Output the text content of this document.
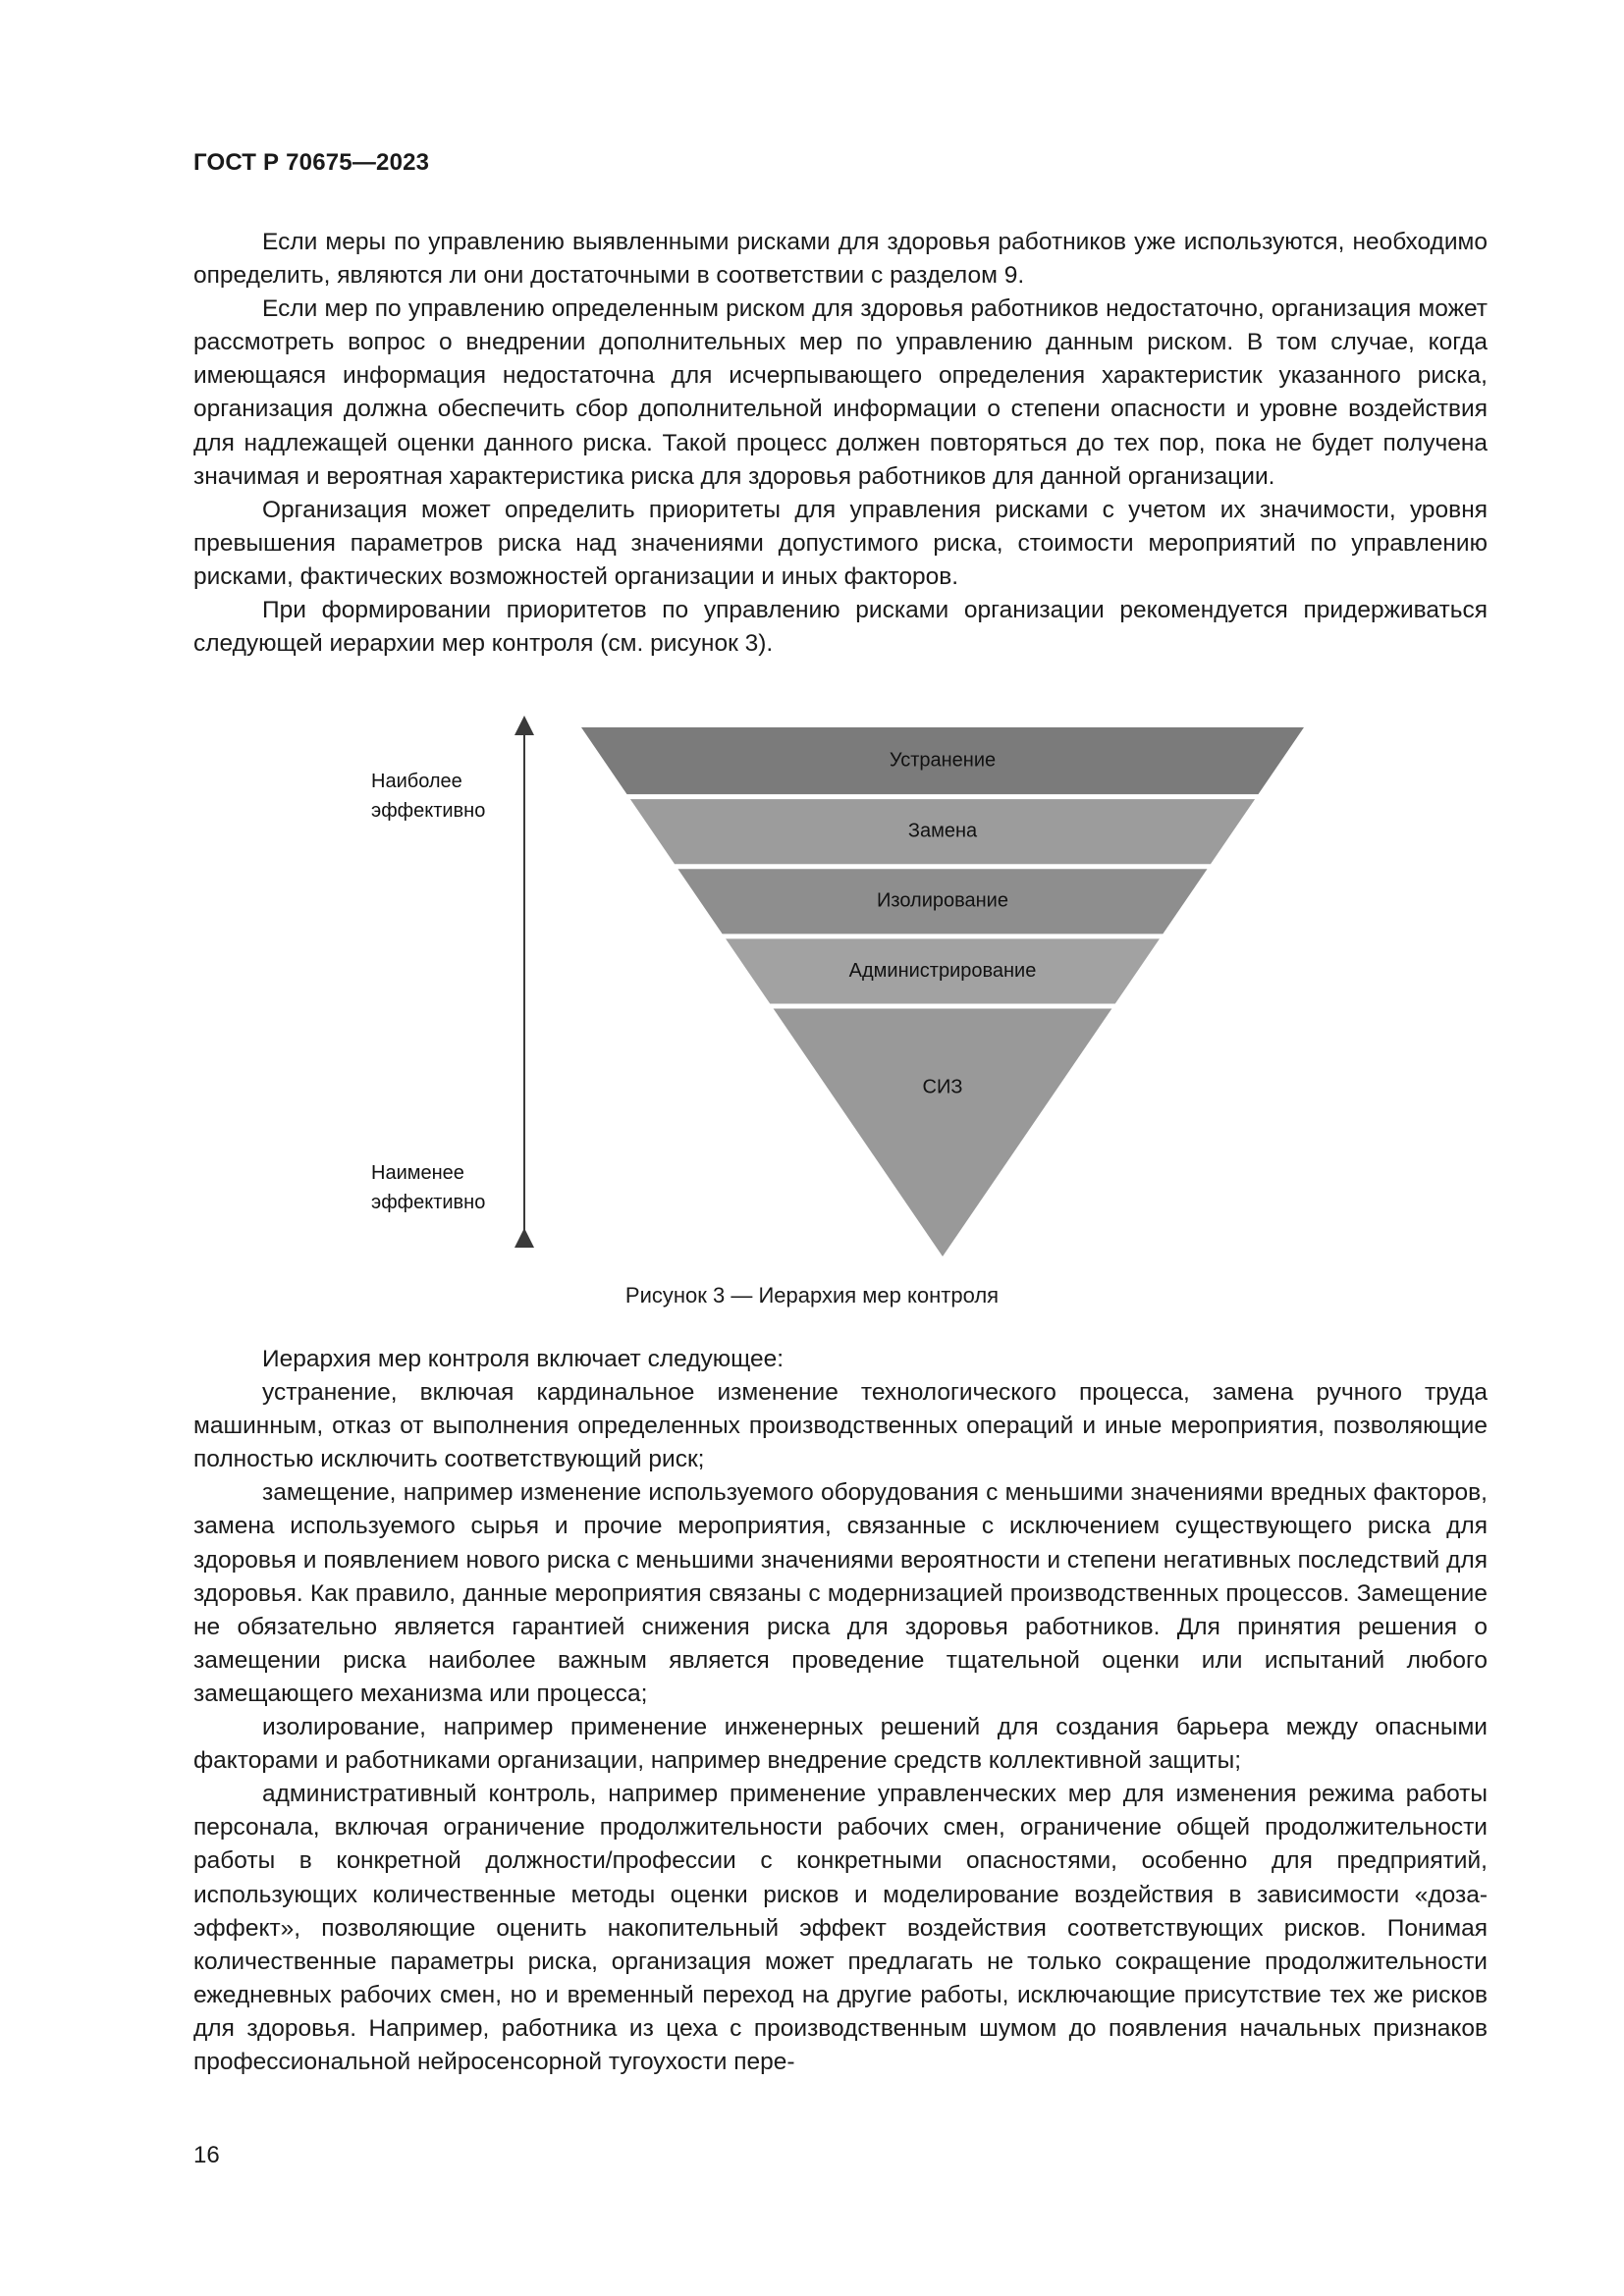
ГОСТ Р 70675—2023

Если меры по управлению выявленными рисками для здоровья работников уже используются, необходимо определить, являются ли они достаточными в соответствии с разделом 9.

Если мер по управлению определенным риском для здоровья работников недостаточно, организация может рассмотреть вопрос о внедрении дополнительных мер по управлению данным риском. В том случае, когда имеющаяся информация недостаточна для исчерпывающего определения характеристик указанного риска, организация должна обеспечить сбор дополнительной информации о степени опасности и уровне воздействия для надлежащей оценки данного риска. Такой процесс должен повторяться до тех пор, пока не будет получена значимая и вероятная характеристика риска для здоровья работников для данной организации.

Организация может определить приоритеты для управления рисками с учетом их значимости, уровня превышения параметров риска над значениями допустимого риска, стоимости мероприятий по управлению рисками, фактических возможностей организации и иных факторов.

При формировании приоритетов по управлению рисками организации рекомендуется придерживаться следующей иерархии мер контроля (см. рисунок 3).

Наиболее
эффективно
Наименее
эффективно
Устранение
Замена
Изолирование
Администрирование
СИЗ
Рисунок 3 — Иерархия мер контроля

Иерархия мер контроля включает следующее:

устранение, включая кардинальное изменение технологического процесса, замена ручного труда машинным, отказ от выполнения определенных производственных операций и иные мероприятия, позволяющие полностью исключить соответствующий риск;

замещение, например изменение используемого оборудования с меньшими значениями вредных факторов, замена используемого сырья и прочие мероприятия, связанные с исключением существующего риска для здоровья и появлением нового риска с меньшими значениями вероятности и степени негативных последствий для здоровья. Как правило, данные мероприятия связаны с модернизацией производственных процессов. Замещение не обязательно является гарантией снижения риска для здоровья работников. Для принятия решения о замещении риска наиболее важным является проведение тщательной оценки или испытаний любого замещающего механизма или процесса;

изолирование, например применение инженерных решений для создания барьера между опасными факторами и работниками организации, например внедрение средств коллективной защиты;

административный контроль, например применение управленческих мер для изменения режима работы персонала, включая ограничение продолжительности рабочих смен, ограничение общей продолжительности работы в конкретной должности/профессии с конкретными опасностями, особенно для предприятий, использующих количественные методы оценки рисков и моделирование воздействия в зависимости «доза-эффект», позволяющие оценить накопительный эффект воздействия соответствующих рисков. Понимая количественные параметры риска, организация может предлагать не только сокращение продолжительности ежедневных рабочих смен, но и временный переход на другие работы, исключающие присутствие тех же рисков для здоровья. Например, работника из цеха с производственным шумом до появления начальных признаков профессиональной нейросенсорной тугоухости пере-

16
